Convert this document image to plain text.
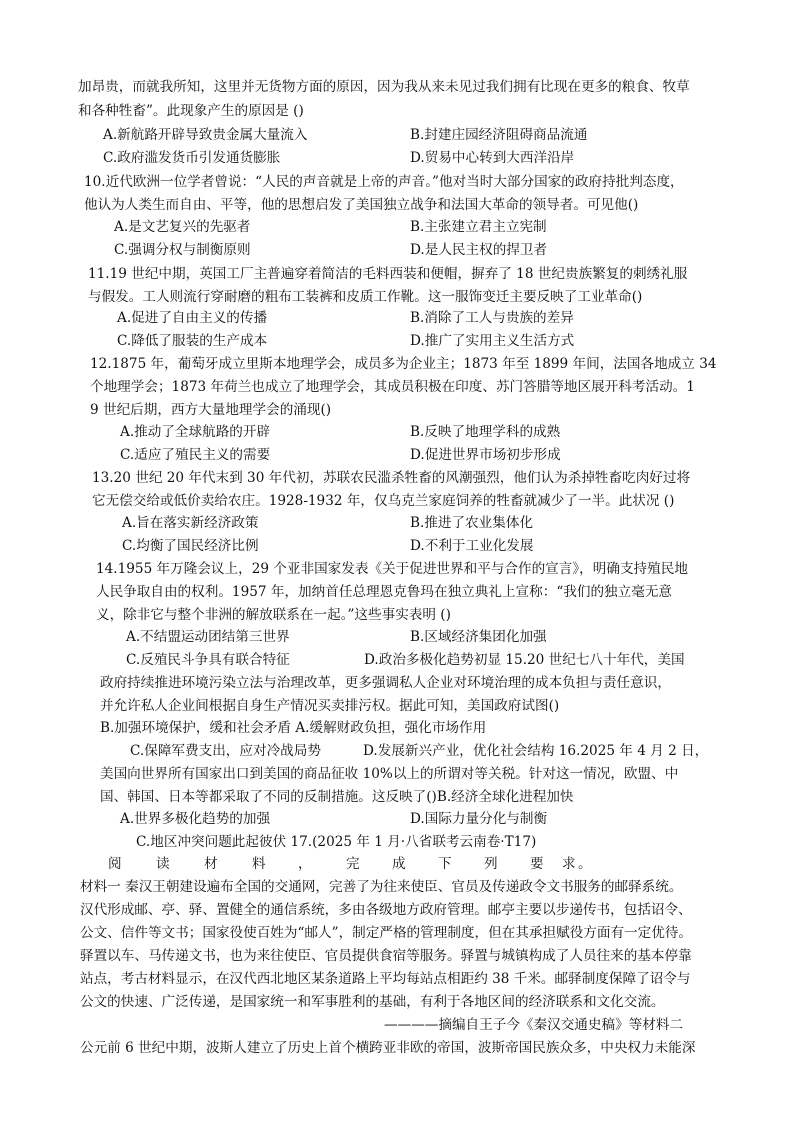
加昂贵，而就我所知，这里并无货物方面的原因，因为我从来未见过我们拥有比现在更多的粮食、牧草
和各种牲畜”。此现象产生的原因是 ()
A.新航路开辟导致贵金属大量流入	B.封建庄园经济阻碍商品流通
C.政府滥发货币引发通货膨胀	D.贸易中心转到大西洋沿岸
10.近代欧洲一位学者曾说：“人民的声音就是上帝的声音。”他对当时大部分国家的政府持批判态度，
他认为人类生而自由、平等，他的思想启发了美国独立战争和法国大革命的领导者。可见他()
A.是文艺复兴的先驱者	B.主张建立君主立宪制
C.强调分权与制衡原则	D.是人民主权的捍卫者
11.19 世纪中期，英国工厂主普遍穿着简洁的毛料西装和便帽，摒弃了 18 世纪贵族繁复的刺绣礼服
与假发。工人则流行穿耐磨的粗布工装裤和皮质工作靴。这一服饰变迁主要反映了工业革命()
A.促进了自由主义的传播	B.消除了工人与贵族的差异
C.降低了服装的生产成本	D.推广了实用主义生活方式
12.1875 年，葡萄牙成立里斯本地理学会，成员多为企业主；1873 年至 1899 年间，法国各地成立 34
个地理学会；1873 年荷兰也成立了地理学会，其成员积极在印度、苏门答腊等地区展开科考活动。1
9 世纪后期，西方大量地理学会的涌现()
A.推动了全球航路的开辟	B.反映了地理学科的成熟
C.适应了殖民主义的需要	D.促进世界市场初步形成
13.20 世纪 20 年代末到 30 年代初，苏联农民滥杀牲畜的风潮强烈，他们认为杀掉牲畜吃肉好过将
它无偿交给或低价卖给农庄。1928-1932 年，仅乌克兰家庭饲养的牲畜就减少了一半。此状况 ()
A.旨在落实新经济政策	B.推进了农业集体化
C.均衡了国民经济比例	D.不利于工业化发展
14.1955 年万隆会议上，29 个亚非国家发表《关于促进世界和平与合作的宣言》，明确支持殖民地
人民争取自由的权利。1957 年，加纳首任总理恩克鲁玛在独立典礼上宣称：“我们的独立毫无意
义，除非它与整个非洲的解放联系在一起。”这些事实表明 ()
A.不结盟运动团结第三世界	B.区域经济集团化加强
C.反殖民斗争具有联合特征	D.政治多极化趋势初显 15.20 世纪七八十年代，美国
政府持续推进环境污染立法与治理改革，更多强调私人企业对环境治理的成本负担与责任意识，
并允许私人企业间根据自身生产情况买卖排污权。据此可知，美国政府试图()
B.加强环境保护，缓和社会矛盾 A.缓解财政负担，强化市场作用
C.保障军费支出，应对冷战局势	D.发展新兴产业，优化社会结构 16.2025 年 4 月 2 日，
美国向世界所有国家出口到美国的商品征收 10%以上的所谓对等关税。针对这一情况，欧盟、中
国、韩国、日本等都采取了不同的反制措施。这反映了()B.经济全球化进程加快
A.世界多极化趋势的加强	D.国际力量分化与制衡
C.地区冲突问题此起彼伏 17.(2025 年 1 月·八省联考云南卷·T17)
阅	读	材	料 ，	完 成 下 列 要 求 。
材料一 秦汉王朝建设遍布全国的交通网，完善了为往来使臣、官员及传递政令文书服务的邮驿系统。
汉代形成邮、亭、驿、置健全的通信系统，多由各级地方政府管理。邮亭主要以步递传书，包括诏令、
公文、信件等文书；国家役使百姓为“邮人”，制定严格的管理制度，但在其承担赋役方面有一定优待。
驿置以车、马传递文书，也为来往使臣、官员提供食宿等服务。驿置与城镇构成了人员往来的基本停靠
站点，考古材料显示，在汉代西北地区某条道路上平均每站点相距约 38 千米。邮驿制度保障了诏令与
公文的快速、广泛传递，是国家统一和军事胜利的基础，有利于各地区间的经济联系和文化交流。
————摘编自王子今《秦汉交通史稿》等材料二
公元前 6 世纪中期，波斯人建立了历史上首个横跨亚非欧的帝国，波斯帝国民族众多，中央权力未能深
